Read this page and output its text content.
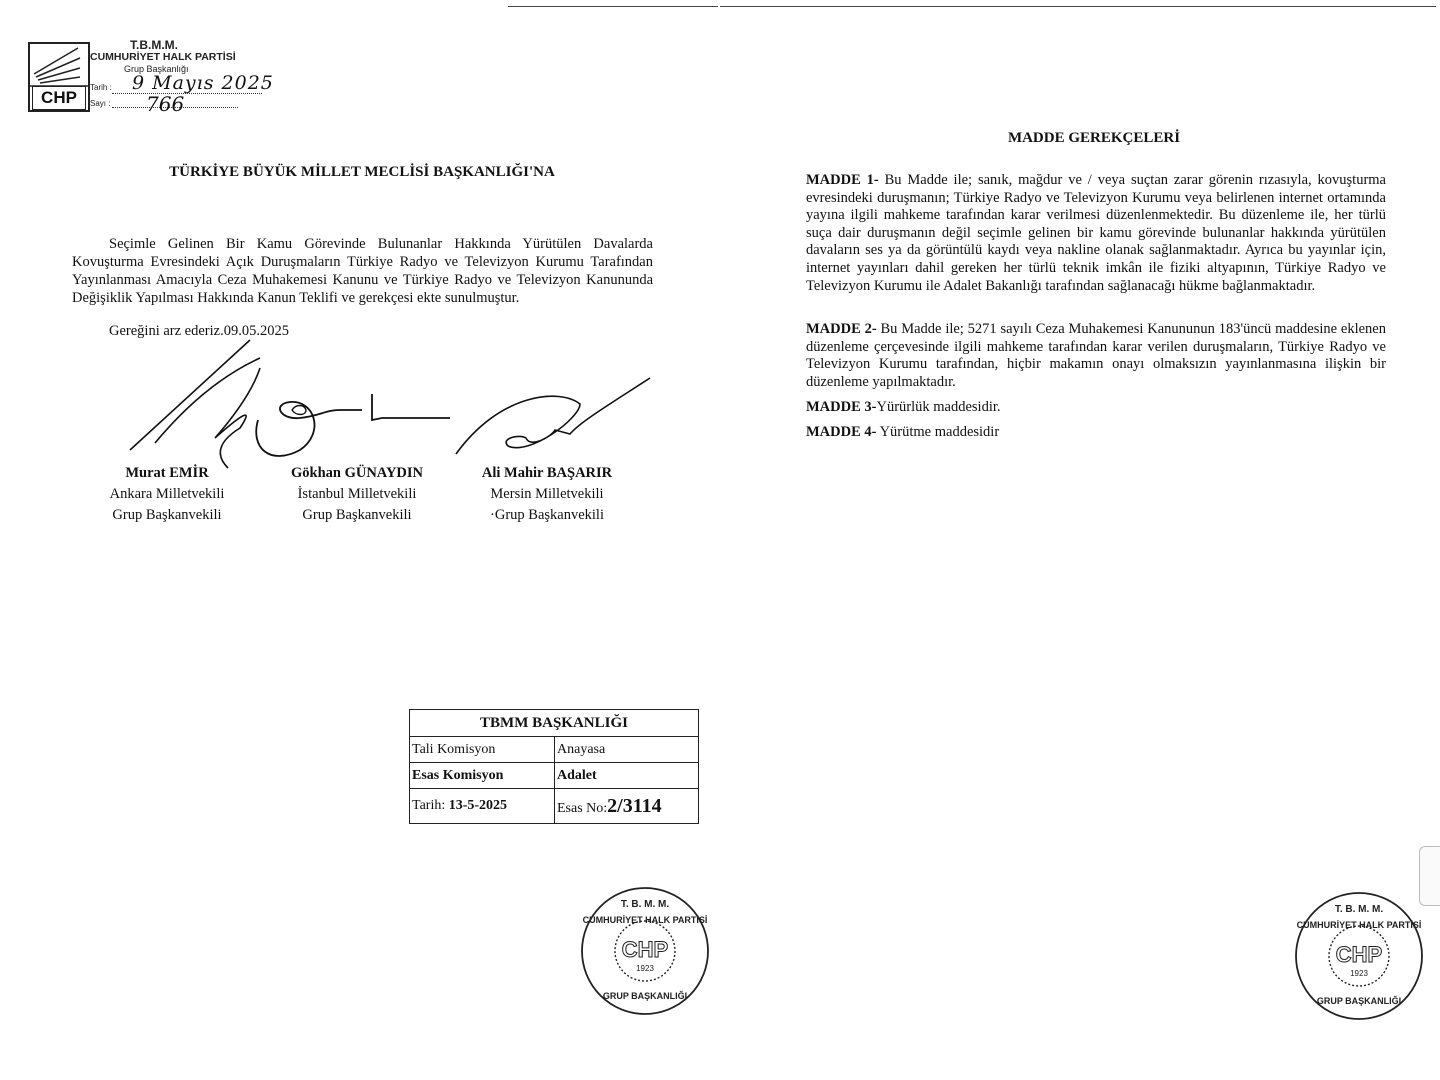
CHP
T.B.M.M.
CUMHURİYET HALK PARTİSİ
Grup Başkanlığı
Tarih : 9 Mayıs 2025
Sayı : 766
TÜRKİYE BÜYÜK MİLLET MECLİSİ BAŞKANLIĞI'NA
Seçimle Gelinen Bir Kamu Görevinde Bulunanlar Hakkında Yürütülen Davalarda Kovuşturma Evresindeki Açık Duruşmaların Türkiye Radyo ve Televizyon Kurumu Tarafından Yayınlanması Amacıyla Ceza Muhakemesi Kanunu ve Türkiye Radyo ve Televizyon Kanununda Değişiklik Yapılması Hakkında Kanun Teklifi ve gerekçesi ekte sunulmuştur.
Gereğini arz ederiz.09.05.2025
Murat EMİR
Ankara Milletvekili
Grup Başkanvekili
Gökhan GÜNAYDIN
İstanbul Milletvekili
Grup Başkanvekili
Ali Mahir BAŞARIR
Mersin Milletvekili
·Grup Başkanvekili
TBMM BAŞKANLIĞI	
Tali Komisyon	Anayasa
Esas Komisyon	Adalet
Tarih: 13-5-2025	Esas No:2/3114
T. B. M. M.
CUMHURİYET HALK PARTİSİ
CHP
1923
GRUP BAŞKANLIĞI
MADDE GEREKÇELERİ
MADDE 1- Bu Madde ile; sanık, mağdur ve / veya suçtan zarar görenin rızasıyla, kovuşturma evresindeki duruşmanın; Türkiye Radyo ve Televizyon Kurumu veya belirlenen internet ortamında yayına ilgili mahkeme tarafından karar verilmesi düzenlenmektedir. Bu düzenleme ile, her türlü suça dair duruşmanın değil seçimle gelinen bir kamu görevinde bulunanlar hakkında yürütülen davaların ses ya da görüntülü kaydı veya nakline olanak sağlanmaktadır. Ayrıca bu yayınlar için, internet yayınları dahil gereken her türlü teknik imkân ile fiziki altyapının, Türkiye Radyo ve Televizyon Kurumu ile Adalet Bakanlığı tarafından sağlanacağı hükme bağlanmaktadır.
MADDE 2- Bu Madde ile; 5271 sayılı Ceza Muhakemesi Kanununun 183'üncü maddesine eklenen düzenleme çerçevesinde ilgili mahkeme tarafından karar verilen duruşmaların, Türkiye Radyo ve Televizyon Kurumu tarafından, hiçbir makamın onayı olmaksızın yayınlanmasına ilişkin bir düzenleme yapılmaktadır.
MADDE 3-Yürürlük maddesidir.
MADDE 4- Yürütme maddesidir
T. B. M. M.
CUMHURİYET HALK PARTİSİ
CHP
1923
GRUP BAŞKANLIĞI
